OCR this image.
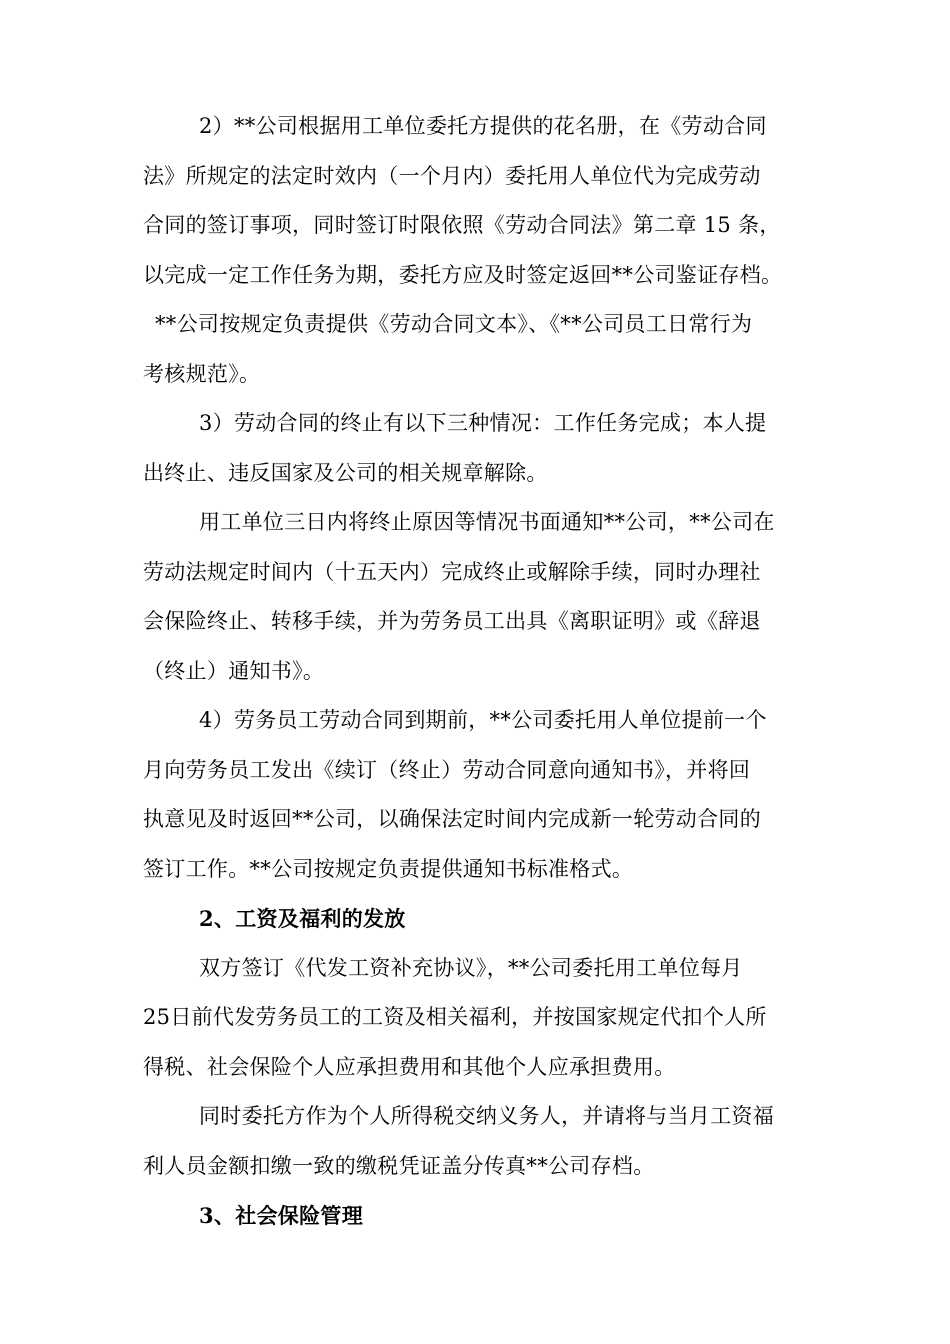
2）**公司根据用工单位委托方提供的花名册，在《劳动合同
法》所规定的法定时效内（一个月内）委托用人单位代为完成劳动
合同的签订事项，同时签订时限依照《劳动合同法》第二章 15 条，
以完成一定工作任务为期，委托方应及时签定返回**公司鉴证存档。
**公司按规定负责提供《劳动合同文本》、《**公司员工日常行为
考核规范》。
3）劳动合同的终止有以下三种情况：工作任务完成；本人提
出终止、违反国家及公司的相关规章解除。
用工单位三日内将终止原因等情况书面通知**公司，**公司在
劳动法规定时间内（十五天内）完成终止或解除手续，同时办理社
会保险终止、转移手续，并为劳务员工出具《离职证明》或《辞退
（终止）通知书》。
4）劳务员工劳动合同到期前，**公司委托用人单位提前一个
月向劳务员工发出《续订（终止）劳动合同意向通知书》，并将回
执意见及时返回**公司，以确保法定时间内完成新一轮劳动合同的
签订工作。**公司按规定负责提供通知书标准格式。
2、工资及福利的发放
双方签订《代发工资补充协议》，**公司委托用工单位每月
25日前代发劳务员工的工资及相关福利，并按国家规定代扣个人所
得税、社会保险个人应承担费用和其他个人应承担费用。
同时委托方作为个人所得税交纳义务人，并请将与当月工资福
利人员金额扣缴一致的缴税凭证盖分传真**公司存档。
3、社会保险管理
